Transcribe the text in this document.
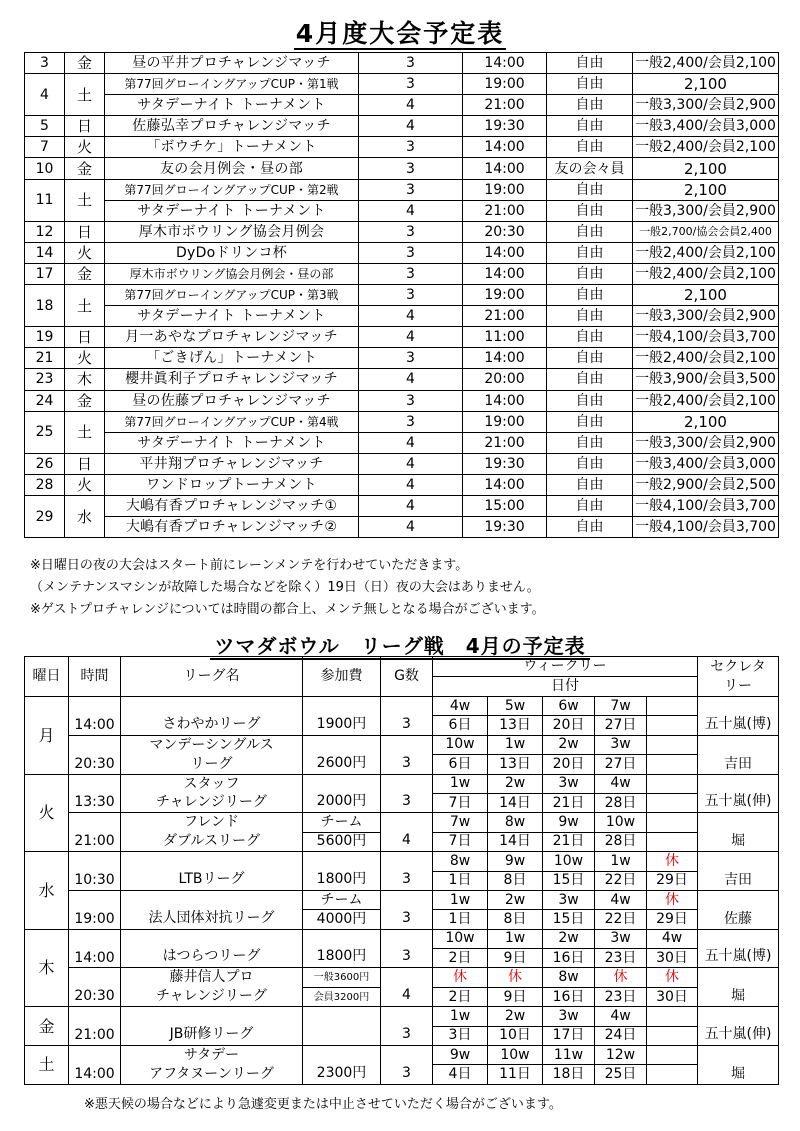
4月度大会予定表
3	金	昼の平井プロチャレンジマッチ	3	14:00	自由	一般2,400/会員2,100
4	土	第77回グローイングアップCUP・第1戦	3	19:00	自由	2,100
		サタデーナイト トーナメント	4	21:00	自由	一般3,300/会員2,900
5	日	佐藤弘幸プロチャレンジマッチ	4	19:30	自由	一般3,400/会員3,000
7	火	「ボウチケ」トーナメント	3	14:00	自由	一般2,400/会員2,100
10	金	友の会月例会・昼の部	3	14:00	友の会々員	2,100
11	土	第77回グローイングアップCUP・第2戦	3	19:00	自由	2,100
		サタデーナイト トーナメント	4	21:00	自由	一般3,300/会員2,900
12	日	厚木市ボウリング協会月例会	3	20:30	自由	一般2,700/協会会員2,400
14	火	DyDoドリンコ杯	3	14:00	自由	一般2,400/会員2,100
17	金	厚木市ボウリング協会月例会・昼の部	3	14:00	自由	一般2,400/会員2,100
18	土	第77回グローイングアップCUP・第3戦	3	19:00	自由	2,100
		サタデーナイト トーナメント	4	21:00	自由	一般3,300/会員2,900
19	日	月一あやなプロチャレンジマッチ	4	11:00	自由	一般4,100/会員3,700
21	火	「ごきげん」トーナメント	3	14:00	自由	一般2,400/会員2,100
23	木	櫻井眞利子プロチャレンジマッチ	4	20:00	自由	一般3,900/会員3,500
24	金	昼の佐藤プロチャレンジマッチ	3	14:00	自由	一般2,400/会員2,100
25	土	第77回グローイングアップCUP・第4戦	3	19:00	自由	2,100
		サタデーナイト トーナメント	4	21:00	自由	一般3,300/会員2,900
26	日	平井翔プロチャレンジマッチ	4	19:30	自由	一般3,400/会員3,000
28	火	ワンドロップトーナメント	4	14:00	自由	一般2,900/会員2,500
29	水	大嶋有香プロチャレンジマッチ①	4	15:00	自由	一般4,100/会員3,700
		大嶋有香プロチャレンジマッチ②	4	19:30	自由	一般4,100/会員3,700
※日曜日の夜の大会はスタート前にレーンメンテを行わせていただきます。
（メンテナンスマシンが故障した場合などを除く）19日（日）夜の大会はありません。
※ゲストプロチャレンジについては時間の都合上、メンテ無しとなる場合がございます。
ツマダボウル　リーグ戦　4月の予定表
曜日	時間	リーグ名	参加費	G数	ウィークリー					セクレタリー
					日付					
月		さわやかリーグ	1900円	3	4w	5w	6w	7w		五十嵐(博)
	14:00				6日	13日	20日	27日		
		マンデーシングルス	2600円	3	10w	1w	2w	3w		吉田
	20:30	リーグ			6日	13日	20日	27日		
火		スタッフ	2000円	3	1w	2w	3w	4w		五十嵐(伸)
	13:30	チャレンジリーグ			7日	14日	21日	28日		
		フレンド	チーム	4	7w	8w	9w	10w		堀
	21:00	ダブルスリーグ	5600円		7日	14日	21日	28日		
水		LTBリーグ	1800円	3	8w	9w	10w	1w	休	吉田
	10:30				1日	8日	15日	22日	29日	
		法人団体対抗リーグ	チーム	3	1w	2w	3w	4w	休	佐藤
	19:00		4000円		1日	8日	15日	22日	29日	
木		はつらつリーグ	1800円	3	10w	1w	2w	3w	4w	五十嵐(博)
	14:00				2日	9日	16日	23日	30日	
		藤井信人プロ	一般3600円	4	休	休	8w	休	休	堀
	20:30	チャレンジリーグ	会員3200円		2日	9日	16日	23日	30日	
金		JB研修リーグ		3	1w	2w	3w	4w		五十嵐(伸)
	21:00				3日	10日	17日	24日		
土		サタデー	2300円	3	9w	10w	11w	12w		堀
	14:00	アフタヌーンリーグ			4日	11日	18日	25日		
※悪天候の場合などにより急遽変更または中止させていただく場合がございます。
